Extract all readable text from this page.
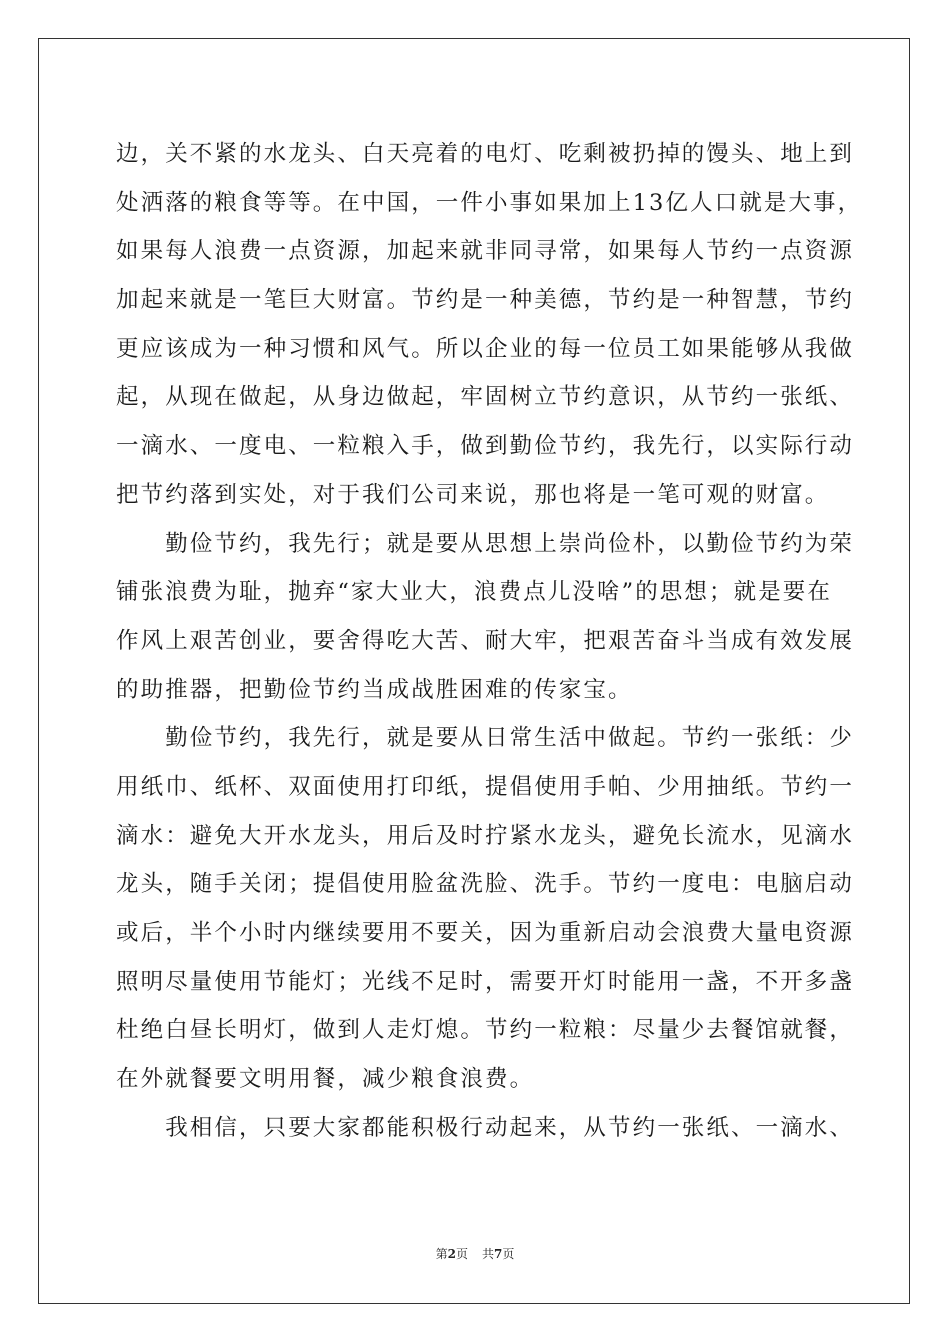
边，关不紧的水龙头、白天亮着的电灯、吃剩被扔掉的馒头、地上到
处洒落的粮食等等。在中国，一件小事如果加上13亿人口就是大事，
如果每人浪费一点资源，加起来就非同寻常，如果每人节约一点资源
加起来就是一笔巨大财富。节约是一种美德，节约是一种智慧，节约
更应该成为一种习惯和风气。所以企业的每一位员工如果能够从我做
起，从现在做起，从身边做起，牢固树立节约意识，从节约一张纸、
一滴水、一度电、一粒粮入手，做到勤俭节约，我先行，以实际行动
把节约落到实处，对于我们公司来说，那也将是一笔可观的财富。
　　勤俭节约，我先行；就是要从思想上崇尚俭朴，以勤俭节约为荣
铺张浪费为耻，抛弃“家大业大，浪费点儿没啥”的思想；就是要在
作风上艰苦创业，要舍得吃大苦、耐大牢，把艰苦奋斗当成有效发展
的助推器，把勤俭节约当成战胜困难的传家宝。
　　勤俭节约，我先行，就是要从日常生活中做起。节约一张纸：少
用纸巾、纸杯、双面使用打印纸，提倡使用手帕、少用抽纸。节约一
滴水：避免大开水龙头，用后及时拧紧水龙头，避免长流水，见滴水
龙头，随手关闭；提倡使用脸盆洗脸、洗手。节约一度电：电脑启动
或后，半个小时内继续要用不要关，因为重新启动会浪费大量电资源
照明尽量使用节能灯；光线不足时，需要开灯时能用一盏，不开多盏
杜绝白昼长明灯，做到人走灯熄。节约一粒粮：尽量少去餐馆就餐，
在外就餐要文明用餐，减少粮食浪费。
　　我相信，只要大家都能积极行动起来，从节约一张纸、一滴水、
第2页 共7页
